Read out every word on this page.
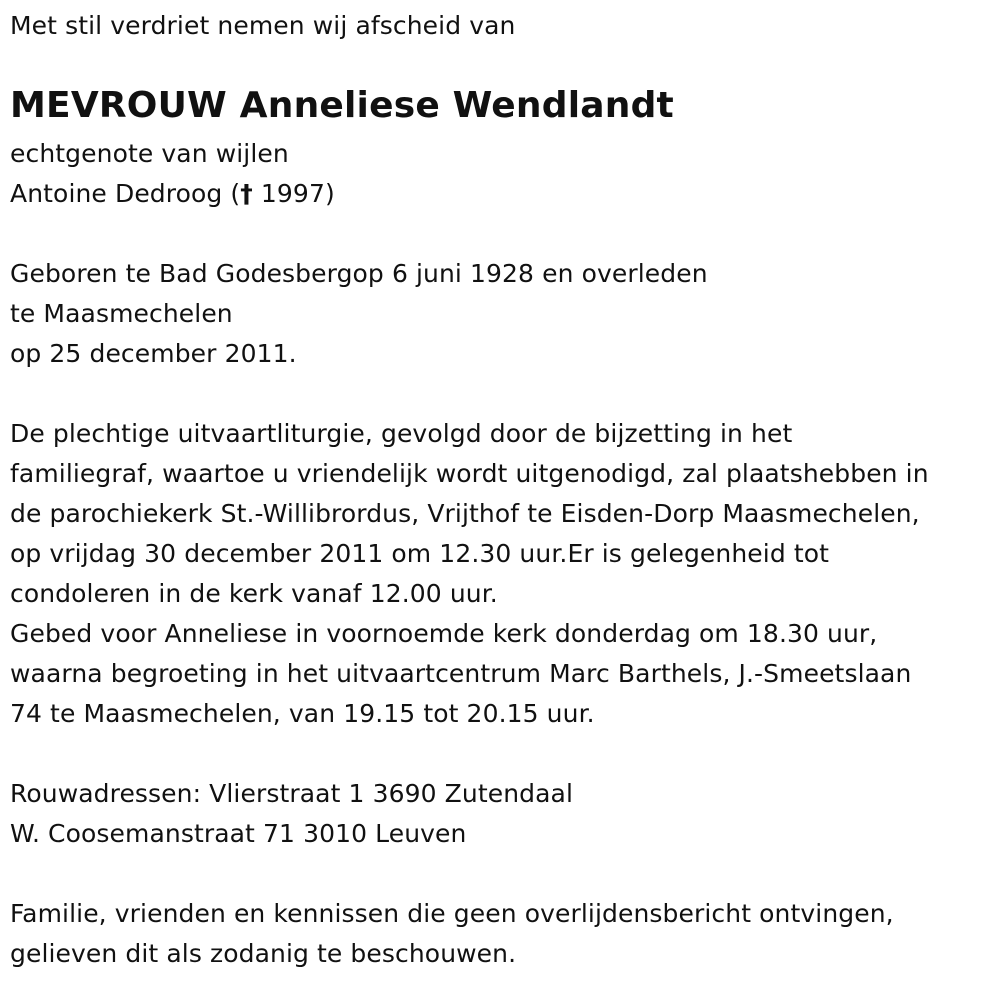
Met stil verdriet nemen wij afscheid van
MEVROUW Anneliese Wendlandt
echtgenote van wijlen
Antoine Dedroog († 1997)
Geboren te Bad Godesbergop 6 juni 1928 en overleden
te Maasmechelen
op 25 december 2011.
De plechtige uitvaartliturgie, gevolgd door de bijzetting in het
familiegraf, waartoe u vriendelijk wordt uitgenodigd, zal plaatshebben in
de parochiekerk St.-Willibrordus, Vrijthof te Eisden-Dorp Maasmechelen,
op vrijdag 30 december 2011 om 12.30 uur.Er is gelegenheid tot
condoleren in de kerk vanaf 12.00 uur.
Gebed voor Anneliese in voornoemde kerk donderdag om 18.30 uur,
waarna begroeting in het uitvaartcentrum Marc Barthels, J.-Smeetslaan
74 te Maasmechelen, van 19.15 tot 20.15 uur.
Rouwadressen: Vlierstraat 1 3690 Zutendaal
W. Coosemanstraat 71 3010 Leuven
Familie, vrienden en kennissen die geen overlijdensbericht ontvingen,
gelieven dit als zodanig te beschouwen.
